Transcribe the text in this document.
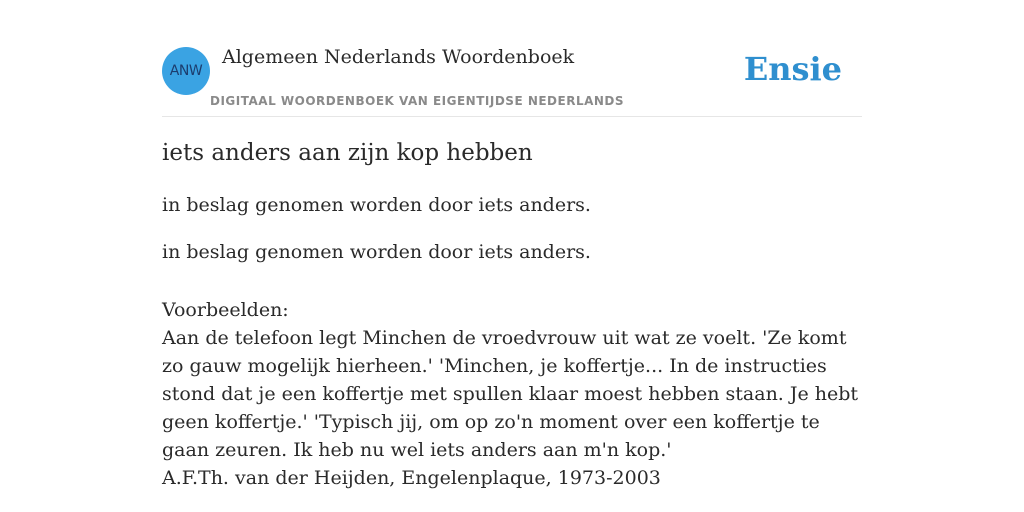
ANW
Algemeen Nederlands Woordenboek
DIGITAAL WOORDENBOEK VAN EIGENTIJDSE NEDERLANDS
Ensie
iets anders aan zijn kop hebben
in beslag genomen worden door iets anders.
in beslag genomen worden door iets anders.
Voorbeelden:
Aan de telefoon legt Minchen de vroedvrouw uit wat ze voelt. 'Ze komt zo gauw mogelijk hierheen.' 'Minchen, je koffertje... In de instructies stond dat je een koffertje met spullen klaar moest hebben staan. Je hebt geen koffertje.' 'Typisch jij, om op zo'n moment over een koffertje te gaan zeuren. Ik heb nu wel iets anders aan m'n kop.'
A.F.Th. van der Heijden, Engelenplaque, 1973-2003
